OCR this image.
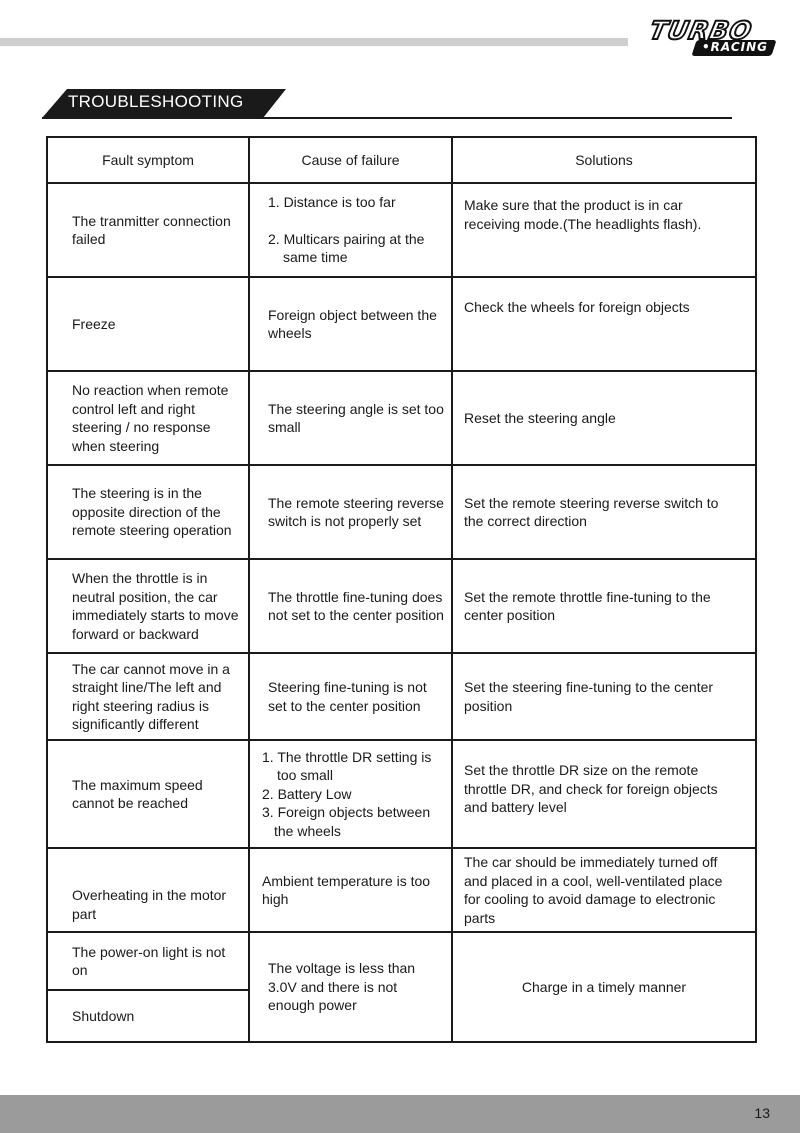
TURBO
•RACING
TROUBLESHOOTING
Fault symptom	Cause of failure	Solutions
The tranmitter connection failed	1. Distance is too far
2. Multicars pairing at the
same time	Make sure that the product is in car receiving mode.(The headlights flash).
Freeze	Foreign object between the wheels	Check the wheels for foreign objects
No reaction when remote control left and right steering / no response when steering	The steering angle is set too small	Reset the steering angle
The steering is in the opposite direction of the remote steering operation	The remote steering reverse switch is not properly set	Set the remote steering reverse switch to the correct direction
When the throttle is in neutral position, the car immediately starts to move forward or backward	The throttle fine-tuning does not set to the center position	Set the remote throttle fine-tuning to the center position
The car cannot move in a straight line/The left and right steering radius is significantly different	Steering fine-tuning is not set to the center position	Set the steering fine-tuning to the center position
The maximum speed cannot be reached	1. The throttle DR setting is
too small
2. Battery Low
3. Foreign objects between
the wheels	Set the throttle DR size on the remote throttle DR, and check for foreign objects and battery level
Overheating in the motor part	Ambient temperature is too high	The car should be immediately turned off and placed in a cool, well-ventilated place for cooling to avoid damage to electronic parts
The power-on light is not on	The voltage is less than 3.0V and there is not enough power	Charge in a timely manner
Shutdown		
13
